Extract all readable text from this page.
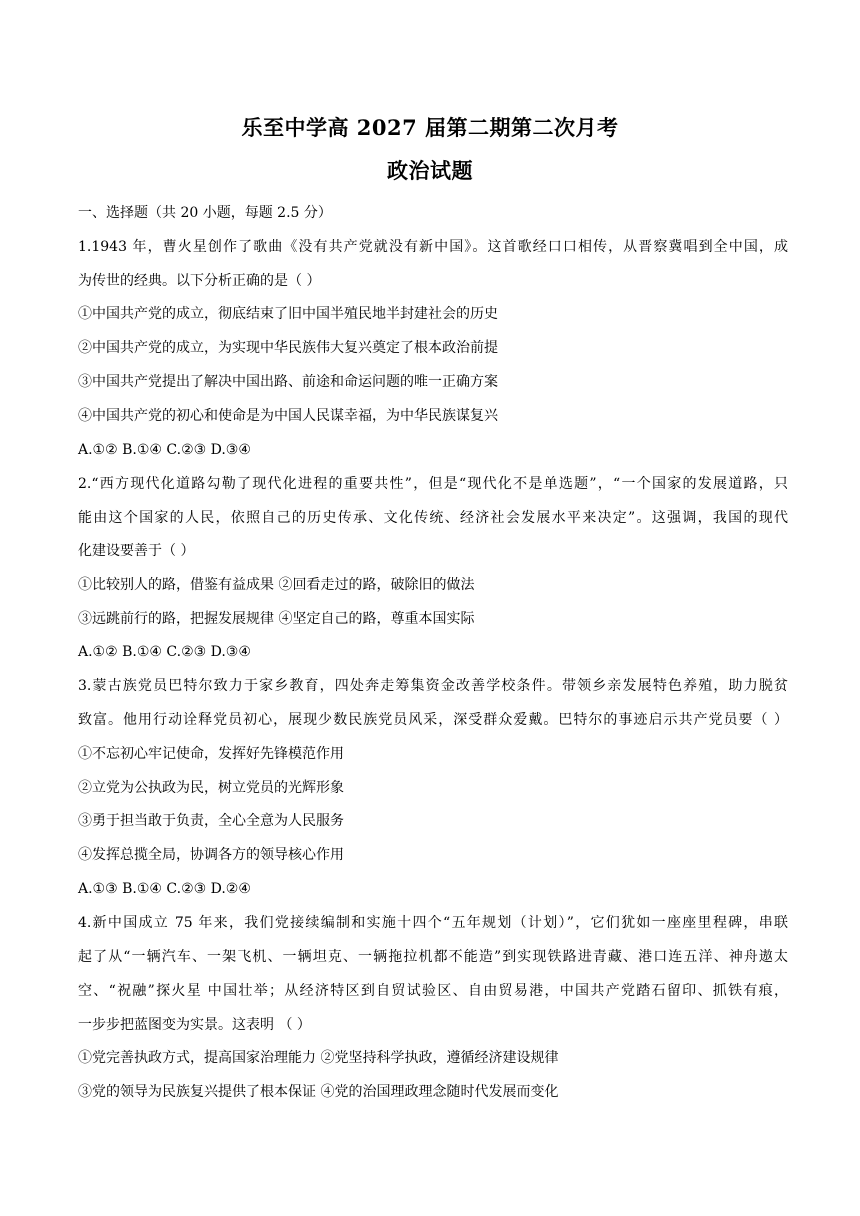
乐至中学高 2027 届第二期第二次月考
政治试题
一、选择题（共 20 小题，每题 2.5 分）
1.1943 年，曹火星创作了歌曲《没有共产党就没有新中国》。这首歌经口口相传，从晋察冀唱到全中国，成
为传世的经典。以下分析正确的是（ ）
①中国共产党的成立，彻底结束了旧中国半殖民地半封建社会的历史
②中国共产党的成立，为实现中华民族伟大复兴奠定了根本政治前提
③中国共产党提出了解决中国出路、前途和命运问题的唯一正确方案
④中国共产党的初心和使命是为中国人民谋幸福，为中华民族谋复兴
A.①② B.①④ C.②③ D.③④
2.“西方现代化道路勾勒了现代化进程的重要共性”，但是“现代化不是单选题”，“一个国家的发展道路，只
能由这个国家的人民，依照自己的历史传承、文化传统、经济社会发展水平来决定”。这强调，我国的现代
化建设要善于（ ）
①比较别人的路，借鉴有益成果 ②回看走过的路，破除旧的做法
③远跳前行的路，把握发展规律 ④坚定自己的路，尊重本国实际
A.①② B.①④ C.②③ D.③④
3.蒙古族党员巴特尔致力于家乡教育，四处奔走筹集资金改善学校条件。带领乡亲发展特色养殖，助力脱贫
致富。他用行动诠释党员初心，展现少数民族党员风采，深受群众爱戴。巴特尔的事迹启示共产党员要（ ）
①不忘初心牢记使命，发挥好先锋模范作用
②立党为公执政为民，树立党员的光辉形象
③勇于担当敢于负责，全心全意为人民服务
④发挥总揽全局，协调各方的领导核心作用
A.①③ B.①④ C.②③ D.②④
4.新中国成立 75 年来，我们党接续编制和实施十四个“五年规划（计划）”，它们犹如一座座里程碑，串联
起了从“一辆汽车、一架飞机、一辆坦克、一辆拖拉机都不能造”到实现铁路进青藏、港口连五洋、神舟遨太
空、“祝融”探火星 中国壮举；从经济特区到自贸试验区、自由贸易港，中国共产党踏石留印、抓铁有痕，
一步步把蓝图变为实景。这表明 （ ）
①党完善执政方式，提高国家治理能力 ②党坚持科学执政，遵循经济建设规律
③党的领导为民族复兴提供了根本保证 ④党的治国理政理念随时代发展而变化
